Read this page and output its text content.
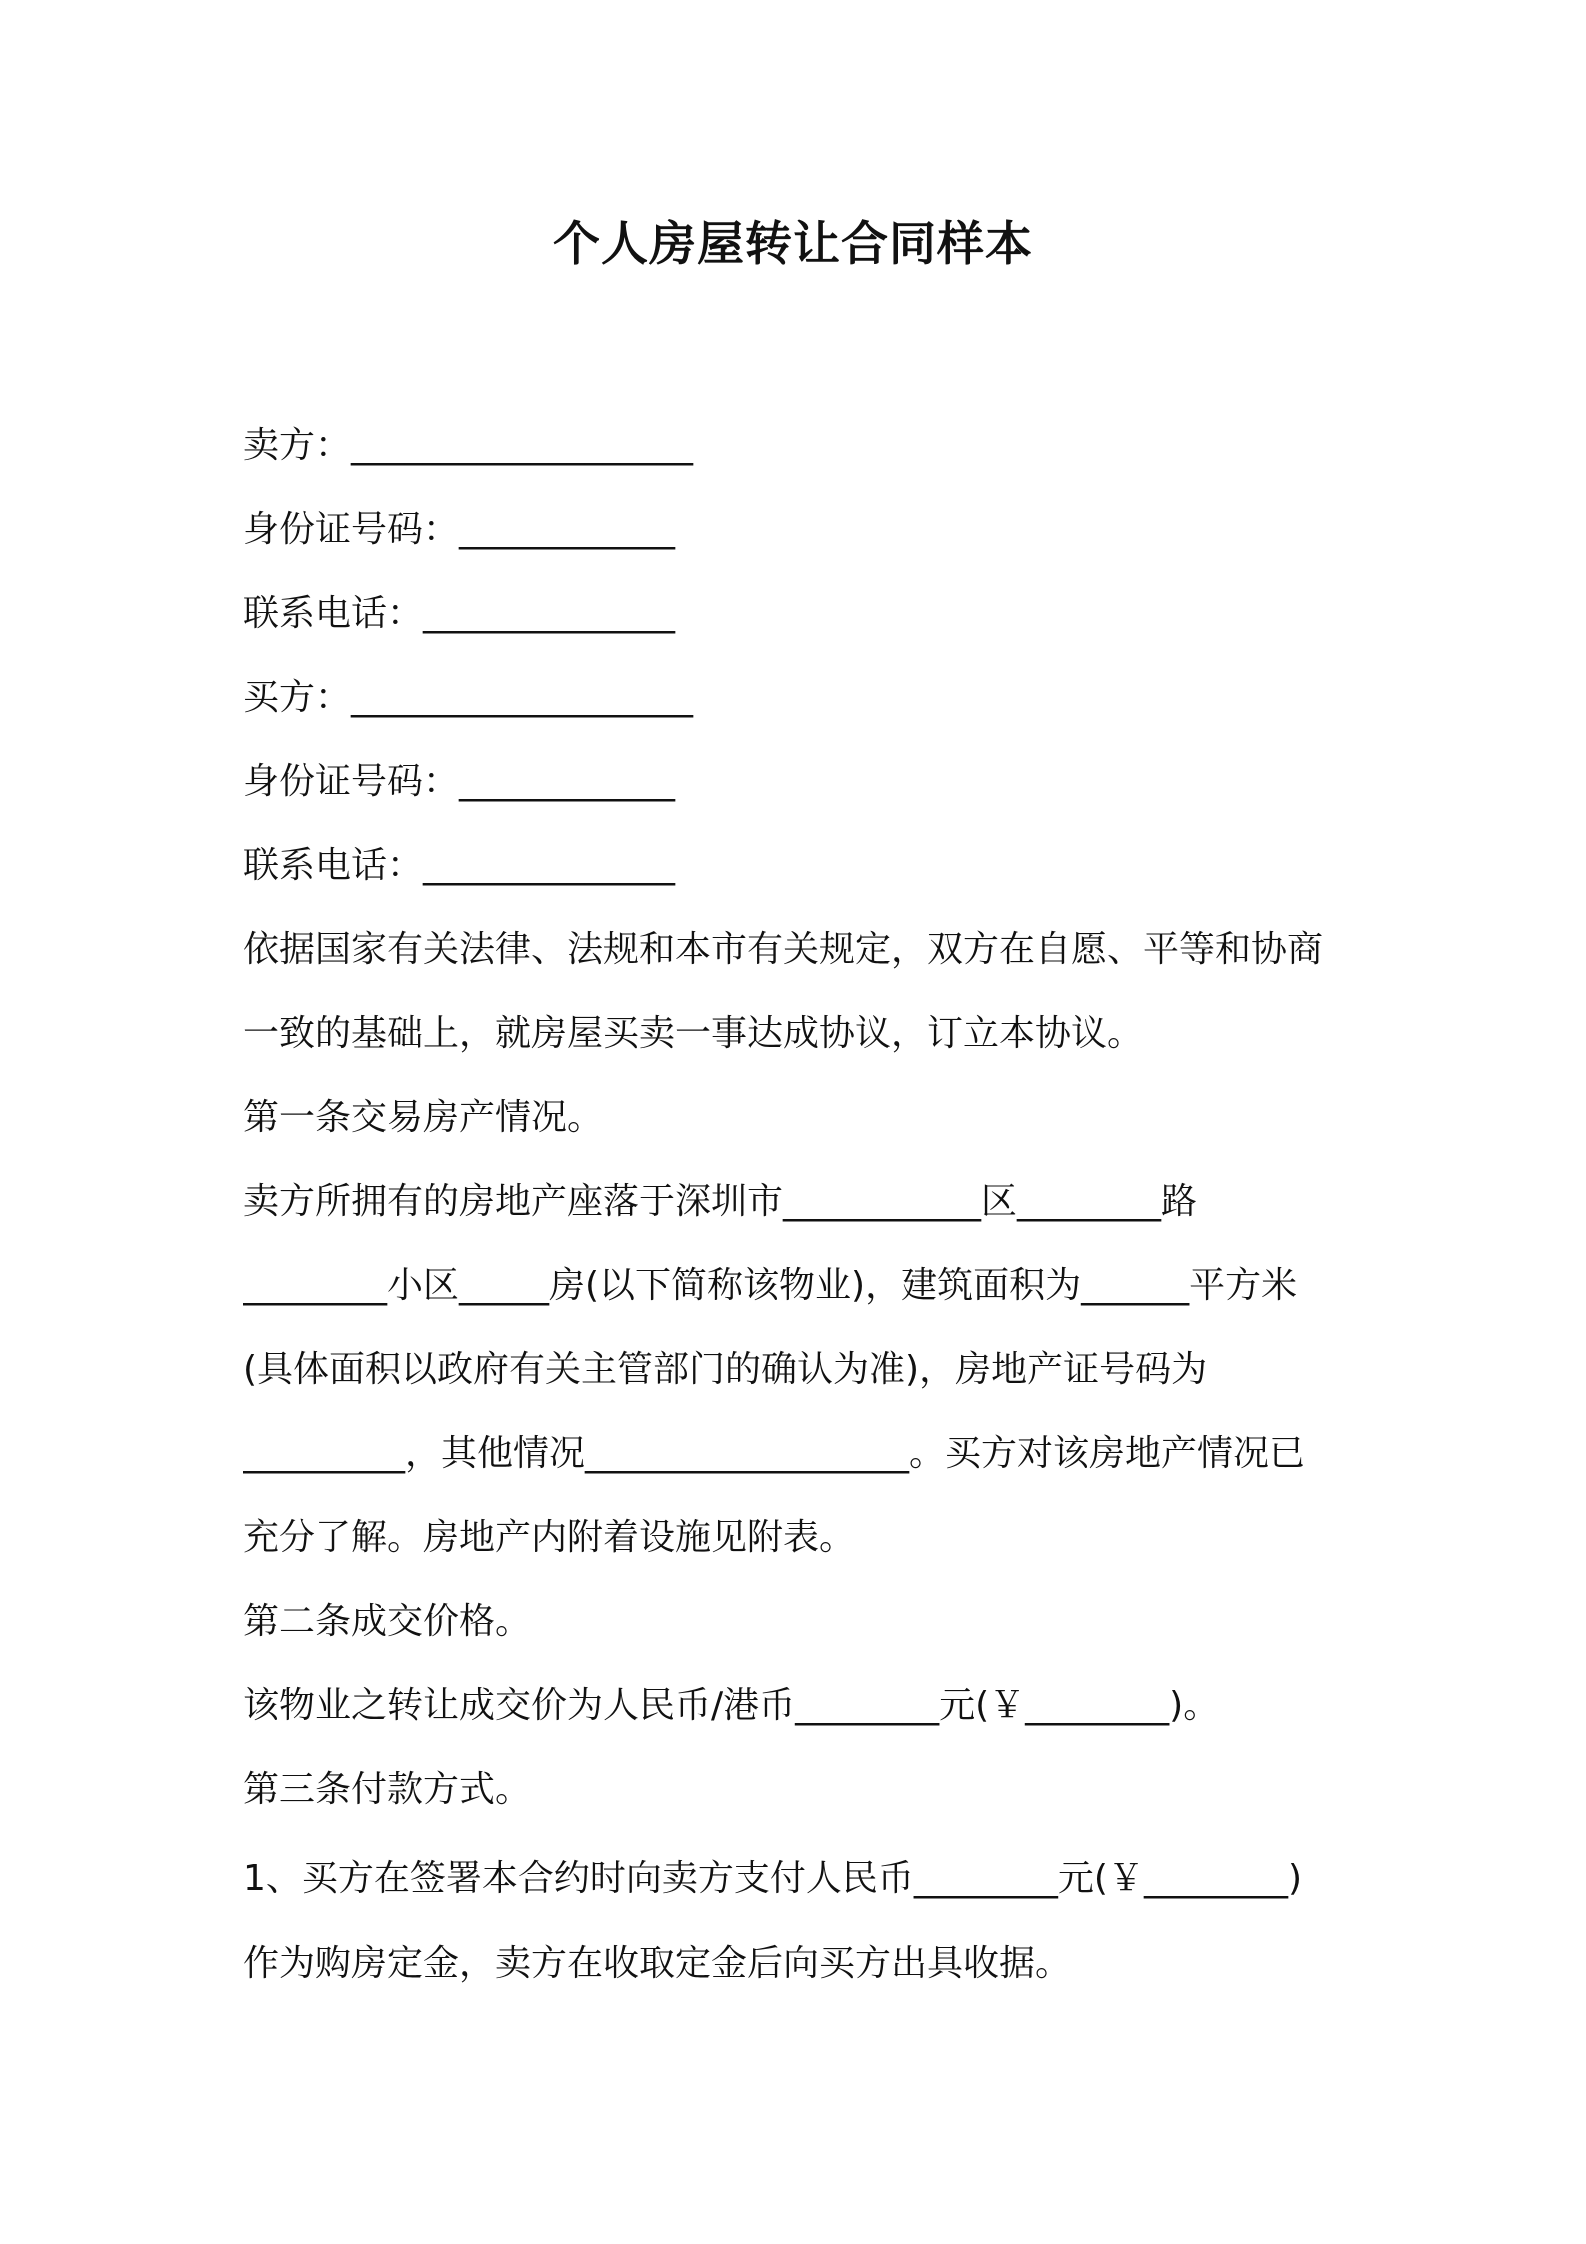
个人房屋转让合同样本
卖方：___________________
身份证号码：____________
联系电话：______________
买方：___________________
身份证号码：____________
联系电话：______________
依据国家有关法律、法规和本市有关规定，双方在自愿、平等和协商
一致的基础上，就房屋买卖一事达成协议，订立本协议。
第一条交易房产情况。
卖方所拥有的房地产座落于深圳市___________区________路
________小区_____房(以下简称该物业)，建筑面积为______平方米
(具体面积以政府有关主管部门的确认为准)，房地产证号码为
_________，其他情况__________________。买方对该房地产情况已
充分了解。房地产内附着设施见附表。
第二条成交价格。
该物业之转让成交价为人民币/港币________元(￥________)。
第三条付款方式。
1、买方在签署本合约时向卖方支付人民币________元(￥________)
作为购房定金，卖方在收取定金后向买方出具收据。
